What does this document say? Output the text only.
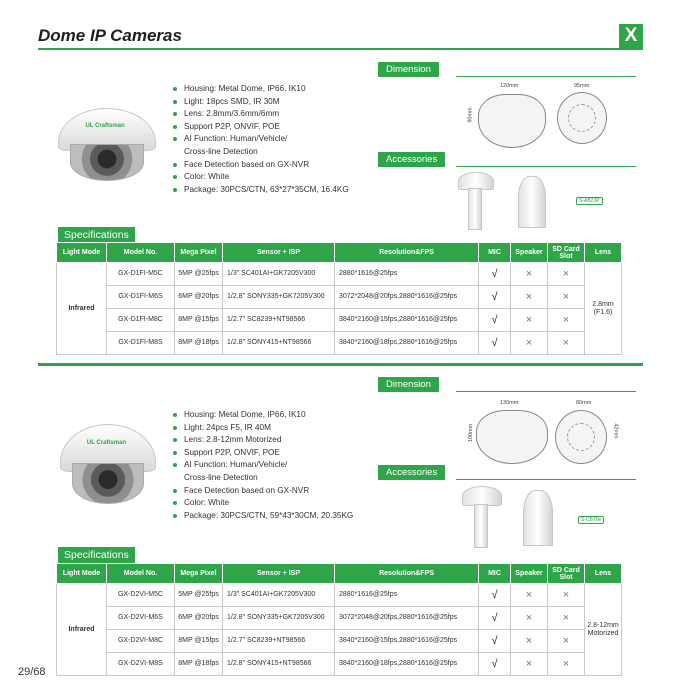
Dome IP Cameras	X
UL Craftsman
Housing: Metal Dome, IP66, IK10
Light: 18pcs SMD, IR 30M
Lens: 2.8mm/3.6mm/6mm
Support P2P, ONVIF, POE
AI Function: Human/Vehicle/
Cross-line Detection
Face Detection based on GX-NVR
Color: White
Package: 30PCS/CTN, 63*27*35CM, 16.4KG
Dimension
120mm
90mm
95mm
Accessories
S-AB23P
Specifications
Light Mode	Model No.	Mega Pixel	Sensor + ISP	Resolution&FPS	MIC	Speaker	SD Card Slot	Lens
Infrared	GX-D1FI-M5C	5MP @25fps	1/3" SC401AI+GK7205V300	2880*1616@25fps	√	×	×	2.8mm (F1.6)
	GX-D1FI-M6S	6MP @20fps	1/2.8" SONY335+GK7205V300	3072*2048@20fps,2880*1616@25fps	√	×	×	
	GX-D1FI-M8C	8MP @15fps	1/2.7" SC8239+NT98566	3840*2160@15fps,2880*1616@25fps	√	×	×	
	GX-D1FI-M8S	8MP @18fps	1/2.8" SONY415+NT98566	3840*2160@18fps,2880*1616@25fps	√	×	×	
UL Craftsman
Housing: Metal Dome, IP66, IK10
Light: 24pcs F5, IR 40M
Lens: 2.8-12mm Motorized
Support P2P, ONVIF, POE
AI Function: Human/Vehicle/
Cross-line Detection
Face Detection based on GX-NVR
Color: White
Package: 30PCS/CTN, 59*43*30CM, 20.35KG
Dimension
130mm
100mm
80mm
42mm
Accessories
S-CB70e
Specifications
Light Mode	Model No.	Mega Pixel	Sensor + ISP	Resolution&FPS	MIC	Speaker	SD Card Slot	Lens
Infrared	GX-D2VI-M5C	5MP @25fps	1/3" SC401AI+GK7205V300	2880*1616@25fps	√	×	×	2.8-12mm Motorized
	GX-D2VI-M6S	6MP @20fps	1/2.8" SONY335+GK7205V300	3072*2048@20fps,2880*1616@25fps	√	×	×	
	GX-D2VI-M8C	8MP @15fps	1/2.7" SC8239+NT98566	3840*2160@15fps,2880*1616@25fps	√	×	×	
	GX-D2VI-M8S	8MP @18fps	1/2.8" SONY415+NT98566	3840*2160@18fps,2880*1616@25fps	√	×	×	
29/68
